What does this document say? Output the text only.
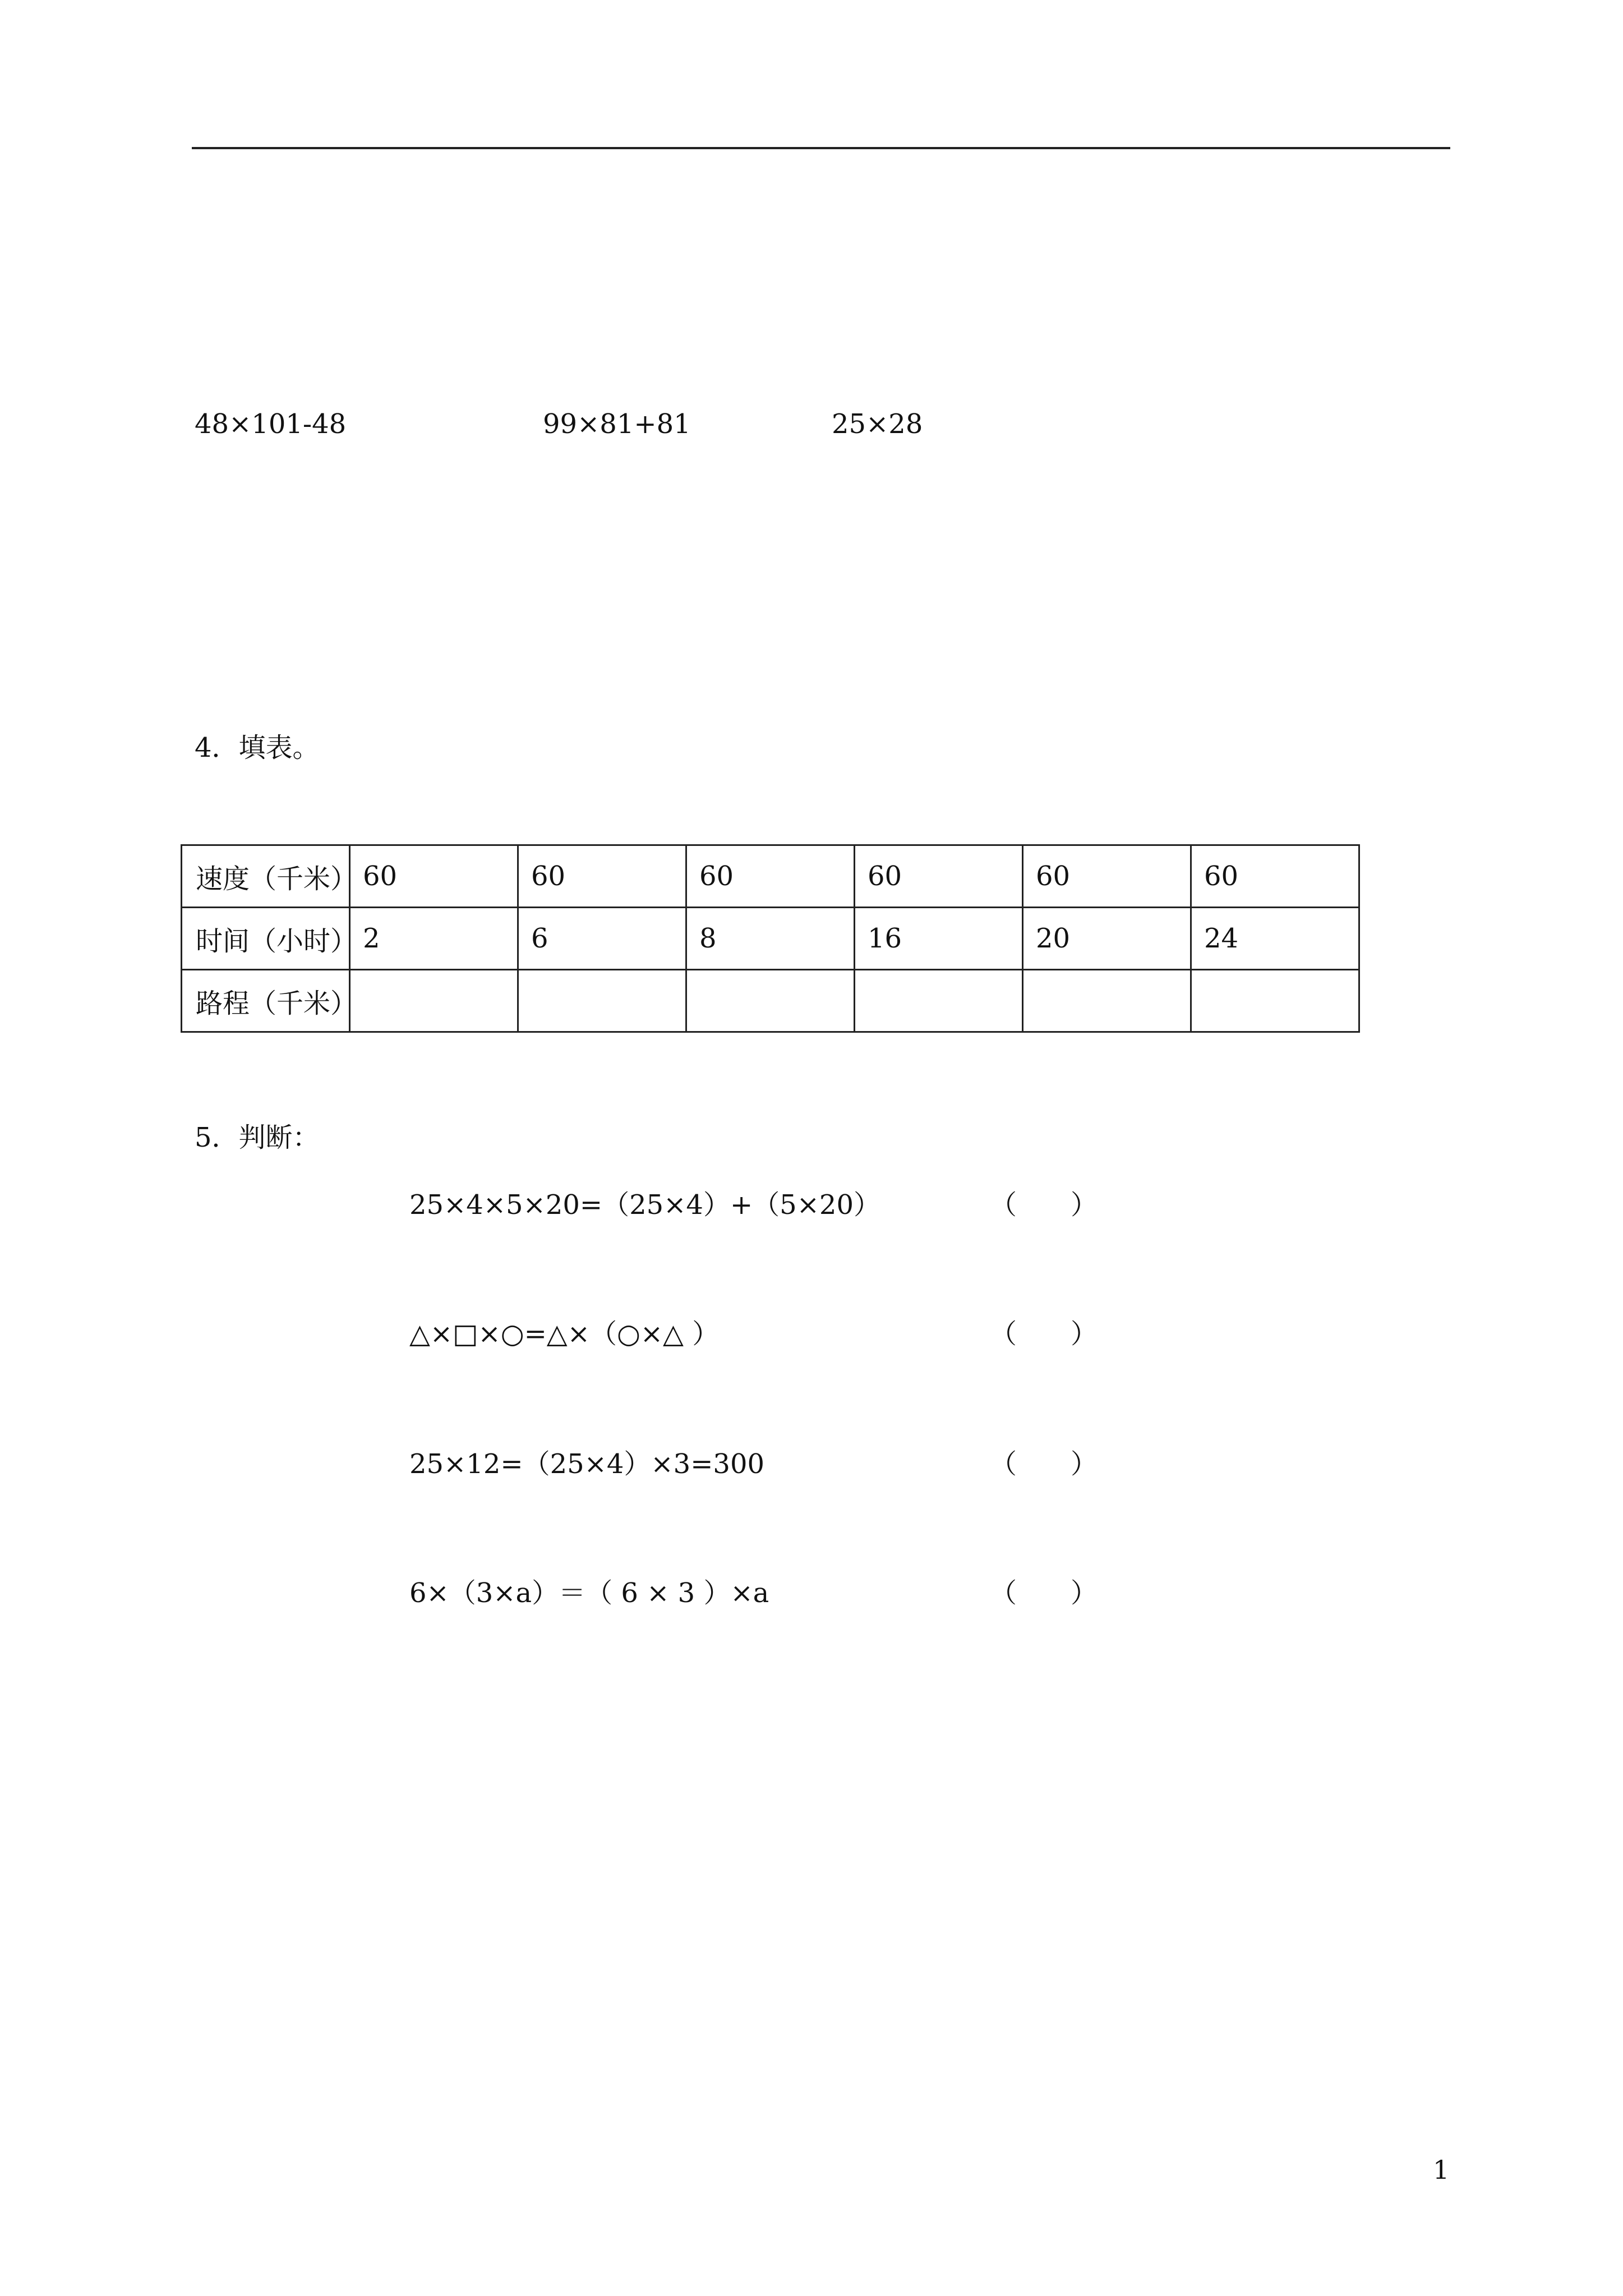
48×101-48	99×81+81	25×28
4．填表。
速度（千米）	60	60	60	60	60	60
时间（小时）	2	6	8	16	20	24
路程（千米）						
5．判断：
25×4×5×20=（25×4）+（5×20）	（　　）
△×□×○=△×（○×△ ）	（　　）
25×12=（25×4）×3=300	（　　）
6×（3×a）＝（ 6 × 3 ）×a	（　　）
1
